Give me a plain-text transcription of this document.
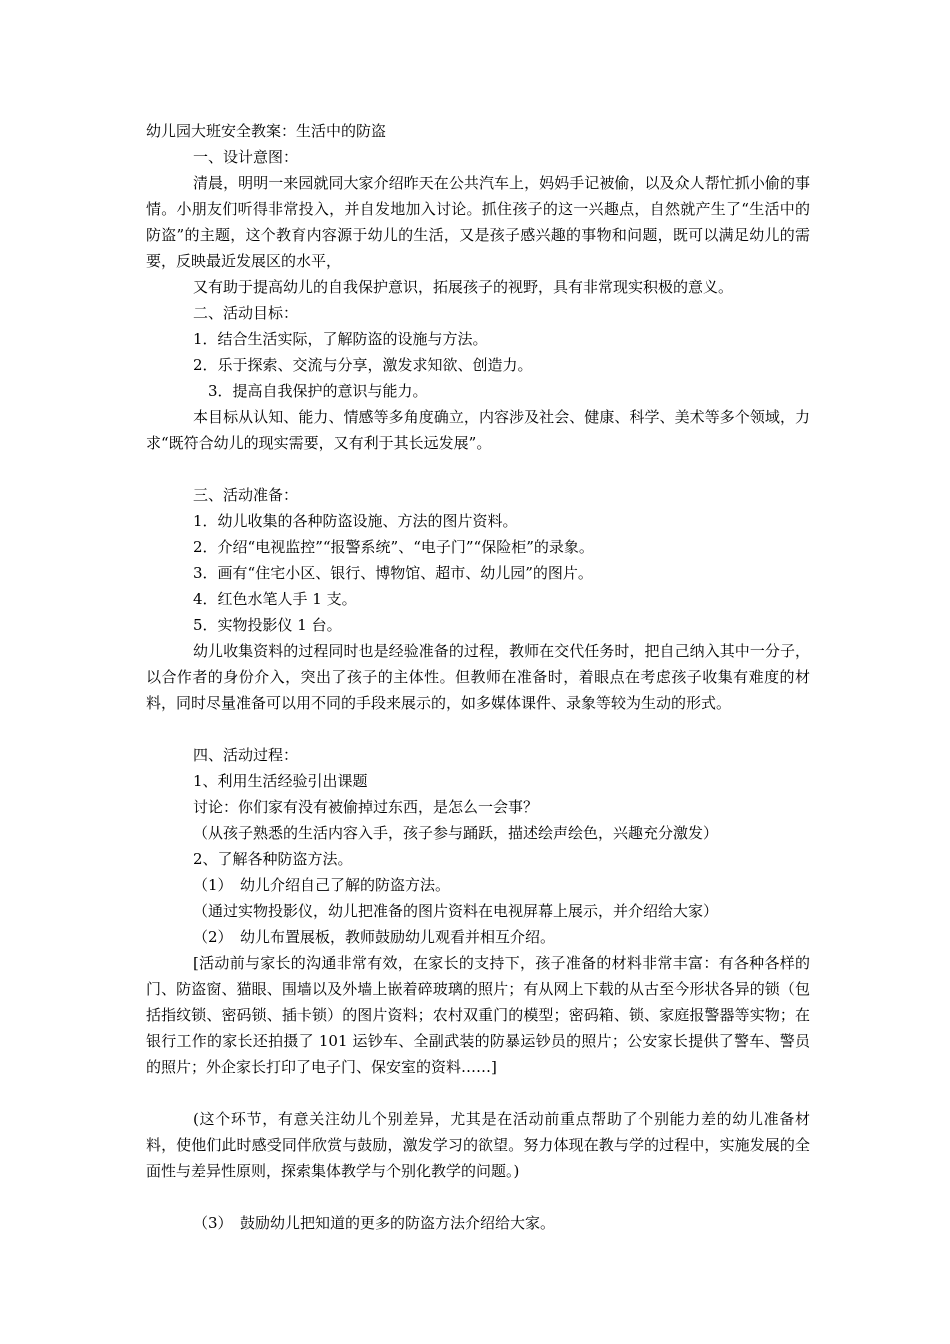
幼儿园大班安全教案：生活中的防盗
一、设计意图：

清晨，明明一来园就同大家介绍昨天在公共汽车上，妈妈手记被偷，以及众人帮忙抓小偷的事情。小朋友们听得非常投入，并自发地加入讨论。抓住孩子的这一兴趣点，自然就产生了“生活中的防盗”的主题，这个教育内容源于幼儿的生活，又是孩子感兴趣的事物和问题，既可以满足幼儿的需要，反映最近发展区的水平，

又有助于提高幼儿的自我保护意识，拓展孩子的视野，具有非常现实积极的意义。
二、活动目标：
1．结合生活实际，了解防盗的设施与方法。
2．乐于探索、交流与分享，激发求知欲、创造力。
3．提高自我保护的意识与能力。

本目标从认知、能力、情感等多角度确立，内容涉及社会、健康、科学、美术等多个领域，力求“既符合幼儿的现实需要，又有利于其长远发展”。

三、活动准备：
1．幼儿收集的各种防盗设施、方法的图片资料。
2．介绍“电视监控”“报警系统”、“电子门”“保险柜”的录象。
3．画有“住宅小区、银行、博物馆、超市、幼儿园”的图片。
4．红色水笔人手 1 支。
5．实物投影仪 1 台。

幼儿收集资料的过程同时也是经验准备的过程，教师在交代任务时，把自己纳入其中一分子，以合作者的身份介入，突出了孩子的主体性。但教师在准备时，着眼点在考虑孩子收集有难度的材料，同时尽量准备可以用不同的手段来展示的，如多媒体课件、录象等较为生动的形式。

四、活动过程：
1、利用生活经验引出课题
讨论：你们家有没有被偷掉过东西，是怎么一会事？
（从孩子熟悉的生活内容入手，孩子参与踊跃，描述绘声绘色，兴趣充分激发）
2、了解各种防盗方法。
（1）　幼儿介绍自己了解的防盗方法。
（通过实物投影仪，幼儿把准备的图片资料在电视屏幕上展示，并介绍给大家）
（2）　幼儿布置展板，教师鼓励幼儿观看并相互介绍。

[活动前与家长的沟通非常有效，在家长的支持下，孩子准备的材料非常丰富：有各种各样的门、防盗窗、猫眼、围墙以及外墙上嵌着碎玻璃的照片；有从网上下载的从古至今形状各异的锁（包括指纹锁、密码锁、插卡锁）的图片资料；农村双重门的模型；密码箱、锁、家庭报警器等实物；在银行工作的家长还拍摄了 101 运钞车、全副武装的防暴运钞员的照片；公安家长提供了警车、警员的照片；外企家长打印了电子门、保安室的资料……]

(这个环节，有意关注幼儿个别差异，尤其是在活动前重点帮助了个别能力差的幼儿准备材料，使他们此时感受同伴欣赏与鼓励，激发学习的欲望。努力体现在教与学的过程中，实施发展的全面性与差异性原则，探索集体教学与个别化教学的问题。)

（3）　鼓励幼儿把知道的更多的防盗方法介绍给大家。
